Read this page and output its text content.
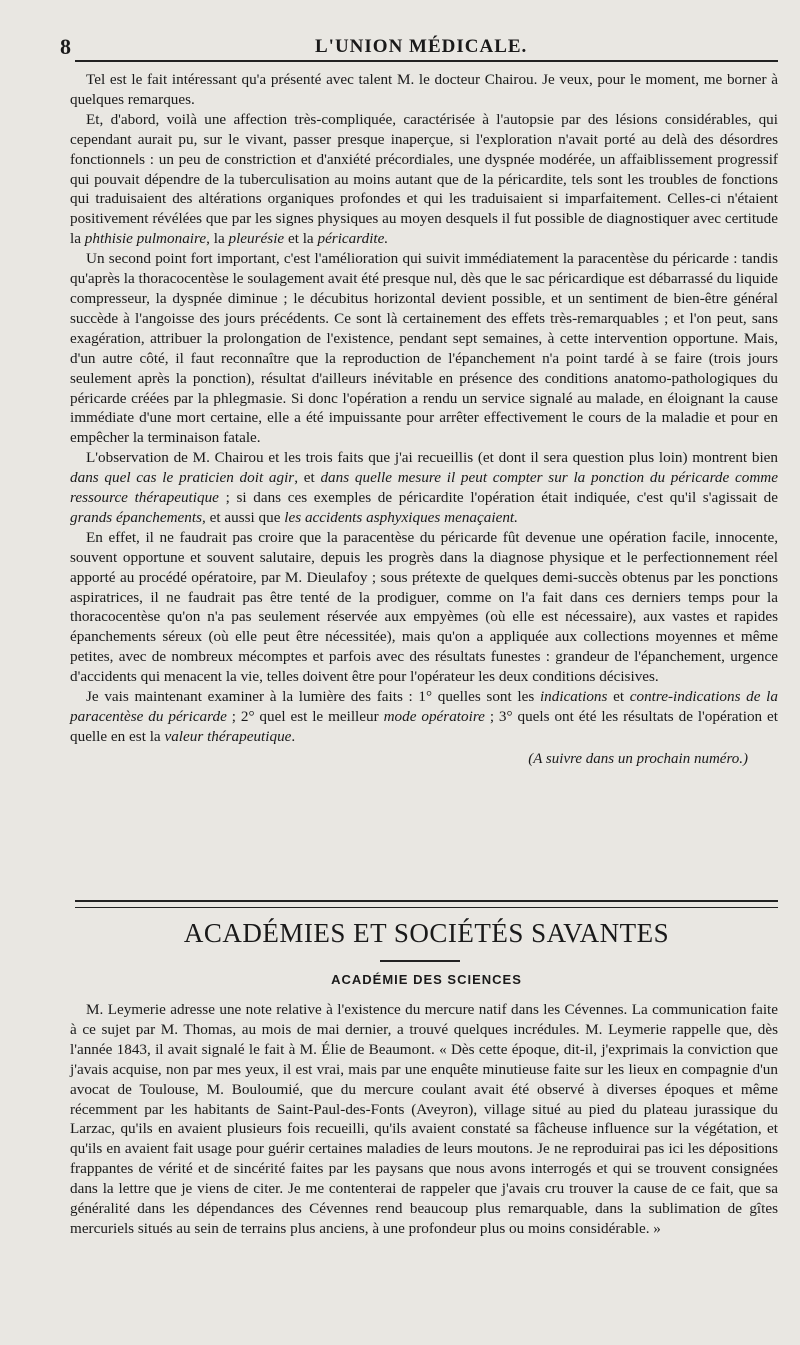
8	L'UNION MÉDICALE.

Tel est le fait intéressant qu'a présenté avec talent M. le docteur Chairou. Je veux, pour le moment, me borner à quelques remarques.

Et, d'abord, voilà une affection très-compliquée, caractérisée à l'autopsie par des lésions considérables, qui cependant aurait pu, sur le vivant, passer presque inaperçue, si l'exploration n'avait porté au delà des désordres fonctionnels : un peu de constriction et d'anxiété précordiales, une dyspnée modérée, un affaiblissement progressif qui pouvait dépendre de la tuberculisation au moins autant que de la péricardite, tels sont les troubles de fonctions qui traduisaient des altérations organiques profondes et qui les traduisaient si imparfaitement. Celles-ci n'étaient positivement révélées que par les signes physiques au moyen desquels il fut possible de diagnostiquer avec certitude la phthisie pulmonaire, la pleurésie et la péricardite.

Un second point fort important, c'est l'amélioration qui suivit immédiatement la paracentèse du péricarde : tandis qu'après la thoracocentèse le soulagement avait été presque nul, dès que le sac péricardique est débarrassé du liquide compresseur, la dyspnée diminue ; le décubitus horizontal devient possible, et un sentiment de bien-être général succède à l'angoisse des jours précédents. Ce sont là certainement des effets très-remarquables ; et l'on peut, sans exagération, attribuer la prolongation de l'existence, pendant sept semaines, à cette intervention opportune. Mais, d'un autre côté, il faut reconnaître que la reproduction de l'épanchement n'a point tardé à se faire (trois jours seulement après la ponction), résultat d'ailleurs inévitable en présence des conditions anatomo-pathologiques du péricarde créées par la phlegmasie. Si donc l'opération a rendu un service signalé au malade, en éloignant la cause immédiate d'une mort certaine, elle a été impuissante pour arrêter effectivement le cours de la maladie et pour en empêcher la terminaison fatale.

L'observation de M. Chairou et les trois faits que j'ai recueillis (et dont il sera question plus loin) montrent bien dans quel cas le praticien doit agir, et dans quelle mesure il peut compter sur la ponction du péricarde comme ressource thérapeutique ; si dans ces exemples de péricardite l'opération était indiquée, c'est qu'il s'agissait de grands épanchements, et aussi que les accidents asphyxiques menaçaient.

En effet, il ne faudrait pas croire que la paracentèse du péricarde fût devenue une opération facile, innocente, souvent opportune et souvent salutaire, depuis les progrès dans la diagnose physique et le perfectionnement réel apporté au procédé opératoire, par M. Dieulafoy ; sous prétexte de quelques demi-succès obtenus par les ponctions aspiratrices, il ne faudrait pas être tenté de la prodiguer, comme on l'a fait dans ces derniers temps pour la thoracocentèse qu'on n'a pas seulement réservée aux empyèmes (où elle est nécessaire), aux vastes et rapides épanchements séreux (où elle peut être nécessitée), mais qu'on a appliquée aux collections moyennes et même petites, avec de nombreux mécomptes et parfois avec des résultats funestes : grandeur de l'épanchement, urgence d'accidents qui menacent la vie, telles doivent être pour l'opérateur les deux conditions décisives.

Je vais maintenant examiner à la lumière des faits : 1° quelles sont les indications et contre-indications de la paracentèse du péricarde ; 2° quel est le meilleur mode opératoire ; 3° quels ont été les résultats de l'opération et quelle en est la valeur thérapeutique.

(A suivre dans un prochain numéro.)
ACADÉMIES ET SOCIÉTÉS SAVANTES
ACADÉMIE DES SCIENCES

M. Leymerie adresse une note relative à l'existence du mercure natif dans les Cévennes. La communication faite à ce sujet par M. Thomas, au mois de mai dernier, a trouvé quelques incrédules. M. Leymerie rappelle que, dès l'année 1843, il avait signalé le fait à M. Élie de Beaumont. « Dès cette époque, dit-il, j'exprimais la conviction que j'avais acquise, non par mes yeux, il est vrai, mais par une enquête minutieuse faite sur les lieux en compagnie d'un avocat de Toulouse, M. Bouloumié, que du mercure coulant avait été observé à diverses époques et même récemment par les habitants de Saint-Paul-des-Fonts (Aveyron), village situé au pied du plateau jurassique du Larzac, qu'ils en avaient plusieurs fois recueilli, qu'ils avaient constaté sa fâcheuse influence sur la végétation, et qu'ils en avaient fait usage pour guérir certaines maladies de leurs moutons. Je ne reproduirai pas ici les dépositions frappantes de vérité et de sincérité faites par les paysans que nous avons interrogés et qui se trouvent consignées dans la lettre que je viens de citer. Je me contenterai de rappeler que j'avais cru trouver la cause de ce fait, que sa généralité dans les dépendances des Cévennes rend beaucoup plus remarquable, dans la sublimation de gîtes mercuriels situés au sein de terrains plus anciens, à une profondeur plus ou moins considérable. »
